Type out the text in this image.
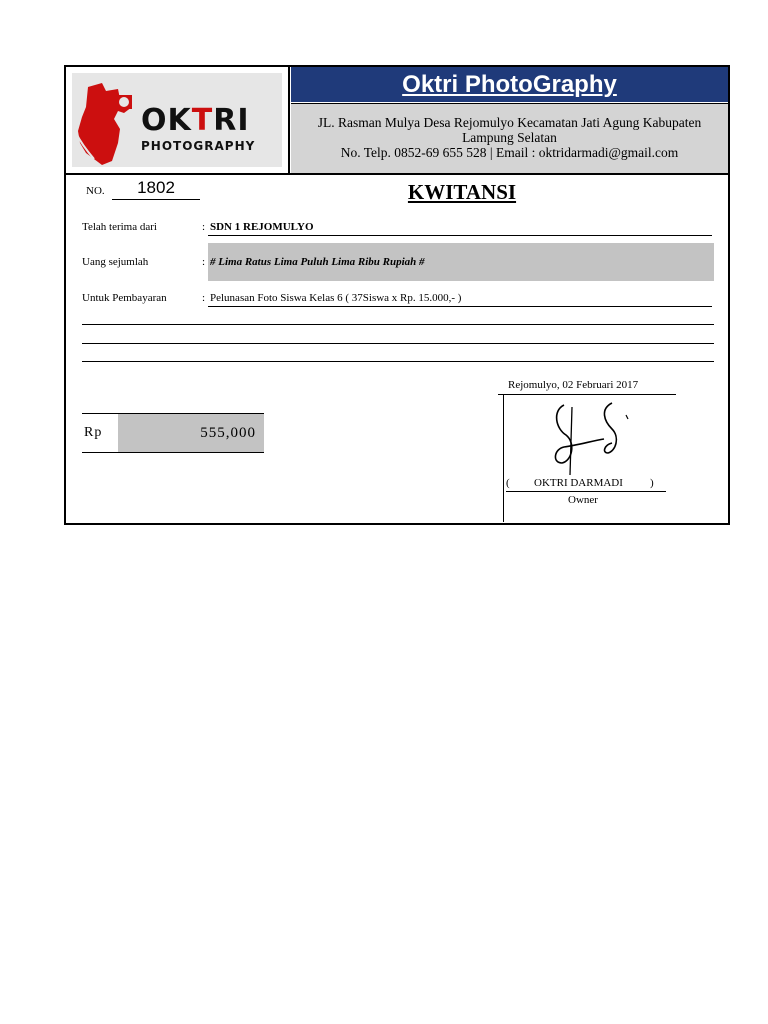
OKTRI
PHOTOGRAPHY
Oktri PhotoGraphy
JL. Rasman Mulya Desa Rejomulyo Kecamatan Jati Agung Kabupaten
Lampung Selatan
No. Telp. 0852-69 655 528 | Email : oktridarmadi@gmail.com
NO.	1802	KWITANSI
Telah terima dari	: SDN 1 REJOMULYO
Uang sejumlah	: # Lima Ratus Lima Puluh Lima Ribu Rupiah #
Untuk Pembayaran	: Pelunasan Foto Siswa Kelas 6 ( 37Siswa x Rp. 15.000,- )
Rp	555,000
Rejomulyo, 02 Februari 2017
( OKTRI DARMADI )
Owner
